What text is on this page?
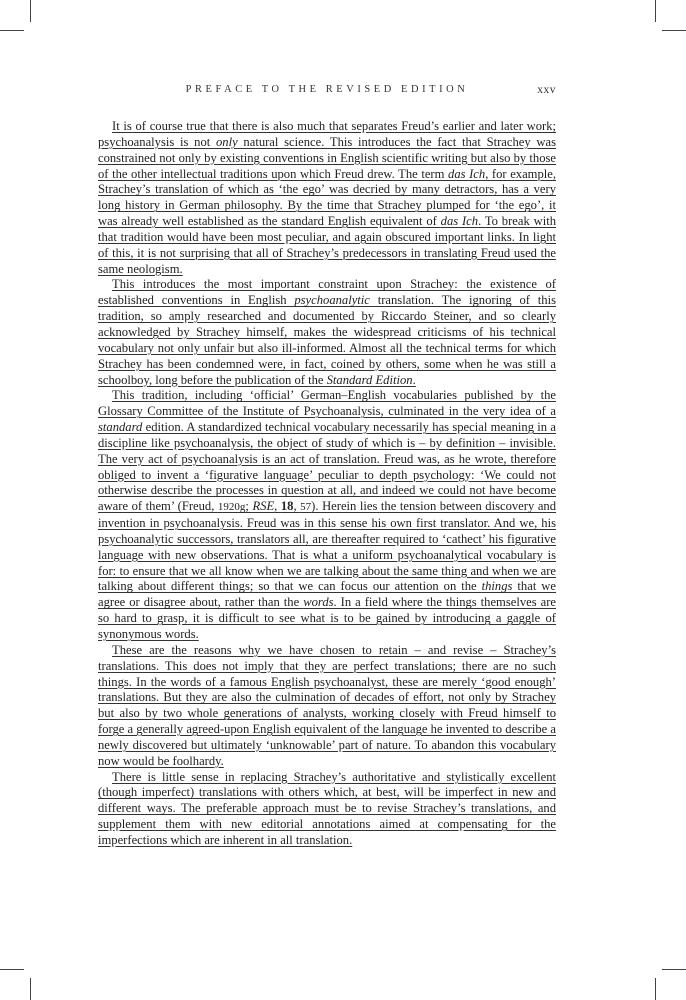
PREFACE TO THE REVISED EDITION	xxv

It is of course true that there is also much that separates Freud’s earlier and later work; psychoanalysis is not only natural science. This introduces the fact that Strachey was constrained not only by existing conventions in English scientific writing but also by those of the other intellectual traditions upon which Freud drew. The term das Ich, for example, Strachey’s translation of which as ‘the ego’ was decried by many detractors, has a very long history in German philosophy. By the time that Strachey plumped for ‘the ego’, it was already well established as the standard English equivalent of das Ich. To break with that tradition would have been most peculiar, and again obscured important links. In light of this, it is not surprising that all of Strachey’s predecessors in translating Freud used the same neologism.

This introduces the most important constraint upon Strachey: the existence of established conventions in English psychoanalytic translation. The ignoring of this tradition, so amply researched and documented by Riccardo Steiner, and so clearly acknowledged by Strachey himself, makes the widespread criticisms of his technical vocabulary not only unfair but also ill-informed. Almost all the technical terms for which Strachey has been condemned were, in fact, coined by others, some when he was still a schoolboy, long before the publication of the Standard Edition.

This tradition, including ‘official’ German–English vocabularies published by the Glossary Committee of the Institute of Psychoanalysis, culminated in the very idea of a standard edition. A standardized technical vocabulary necessarily has special meaning in a discipline like psychoanalysis, the object of study of which is – by definition – invisible. The very act of psychoanalysis is an act of translation. Freud was, as he wrote, therefore obliged to invent a ‘figurative language’ peculiar to depth psychology: ‘We could not otherwise describe the processes in question at all, and indeed we could not have become aware of them’ (Freud, 1920g; RSE, 18, 57). Herein lies the tension between discovery and invention in psychoanalysis. Freud was in this sense his own first translator. And we, his psychoanalytic successors, translators all, are thereafter required to ‘cathect’ his figurative language with new observations. That is what a uniform psychoanalytical vocabulary is for: to ensure that we all know when we are talking about the same thing and when we are talking about different things; so that we can focus our attention on the things that we agree or disagree about, rather than the words. In a field where the things themselves are so hard to grasp, it is difficult to see what is to be gained by introducing a gaggle of synonymous words.

These are the reasons why we have chosen to retain – and revise – Strachey’s translations. This does not imply that they are perfect translations; there are no such things. In the words of a famous English psychoanalyst, these are merely ‘good enough’ translations. But they are also the culmination of decades of effort, not only by Strachey but also by two whole generations of analysts, working closely with Freud himself to forge a generally agreed-upon English equivalent of the language he invented to describe a newly discovered but ultimately ‘unknowable’ part of nature. To abandon this vocabulary now would be foolhardy.

There is little sense in replacing Strachey’s authoritative and stylistically excellent (though imperfect) translations with others which, at best, will be imperfect in new and different ways. The preferable approach must be to revise Strachey’s translations, and supplement them with new editorial annotations aimed at compensating for the imperfections which are inherent in all translation.
